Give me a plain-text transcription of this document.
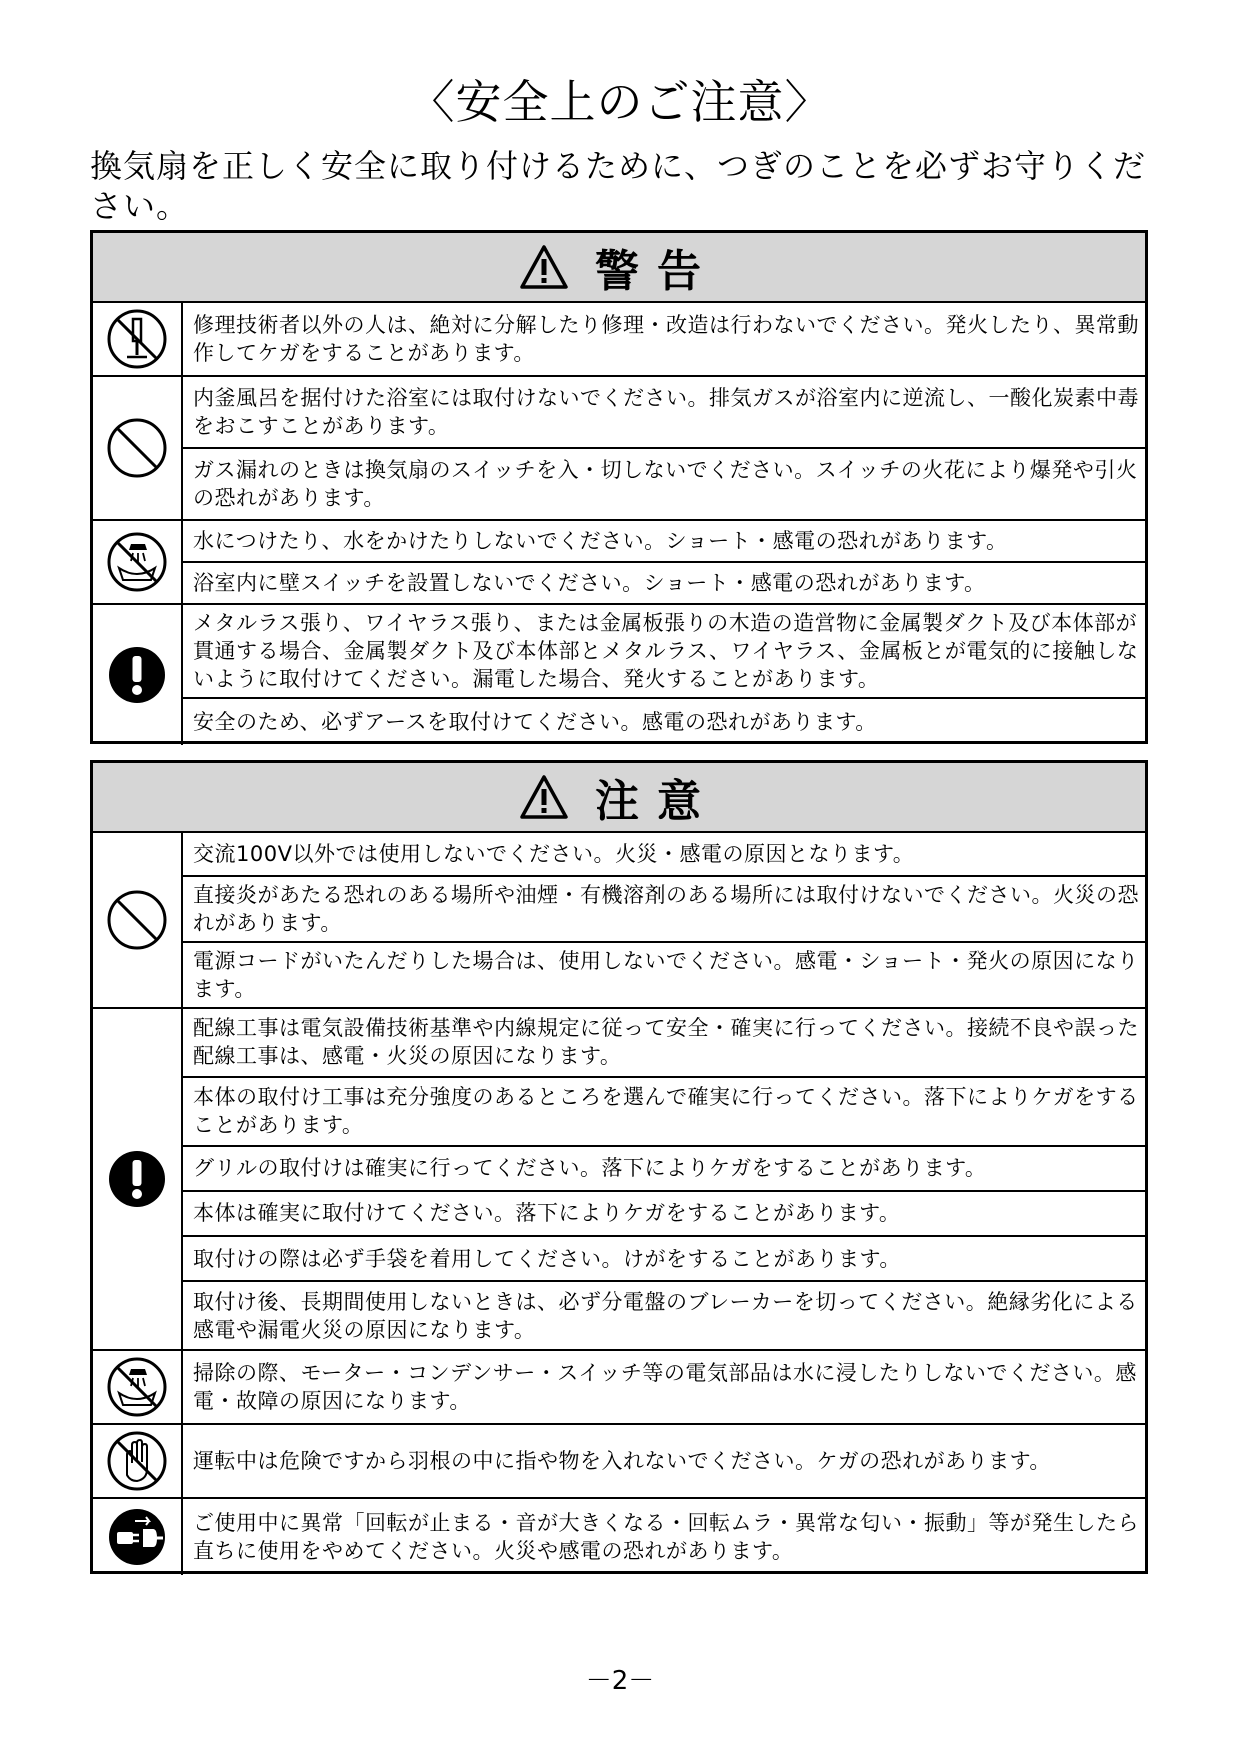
〈安全上のご注意〉
換気扇を正しく安全に取り付けるために、つぎのことを必ずお守りください。
警告
修理技術者以外の人は、絶対に分解したり修理・改造は行わないでください。発火したり、異常動作してケガをすることがあります。
内釜風呂を据付けた浴室には取付けないでください。排気ガスが浴室内に逆流し、一酸化炭素中毒をおこすことがあります。
ガス漏れのときは換気扇のスイッチを入・切しないでください。スイッチの火花により爆発や引火の恐れがあります。
水につけたり、水をかけたりしないでください。ショート・感電の恐れがあります。
浴室内に壁スイッチを設置しないでください。ショート・感電の恐れがあります。
メタルラス張り、ワイヤラス張り、または金属板張りの木造の造営物に金属製ダクト及び本体部が貫通する場合、金属製ダクト及び本体部とメタルラス、ワイヤラス、金属板とが電気的に接触しないように取付けてください。漏電した場合、発火することがあります。
安全のため、必ずアースを取付けてください。感電の恐れがあります。
注意
交流100V以外では使用しないでください。火災・感電の原因となります。
直接炎があたる恐れのある場所や油煙・有機溶剤のある場所には取付けないでください。火災の恐れがあります。
電源コードがいたんだりした場合は、使用しないでください。感電・ショート・発火の原因になります。
配線工事は電気設備技術基準や内線規定に従って安全・確実に行ってください。接続不良や誤った配線工事は、感電・火災の原因になります。
本体の取付け工事は充分強度のあるところを選んで確実に行ってください。落下によりケガをすることがあります。
グリルの取付けは確実に行ってください。落下によりケガをすることがあります。
本体は確実に取付けてください。落下によりケガをすることがあります。
取付けの際は必ず手袋を着用してください。けがをすることがあります。
取付け後、長期間使用しないときは、必ず分電盤のブレーカーを切ってください。絶縁劣化による感電や漏電火災の原因になります。
掃除の際、モーター・コンデンサー・スイッチ等の電気部品は水に浸したりしないでください。感電・故障の原因になります。
運転中は危険ですから羽根の中に指や物を入れないでください。ケガの恐れがあります。
ご使用中に異常「回転が止まる・音が大きくなる・回転ムラ・異常な匂い・振動」等が発生したら直ちに使用をやめてください。火災や感電の恐れがあります。
－2－
